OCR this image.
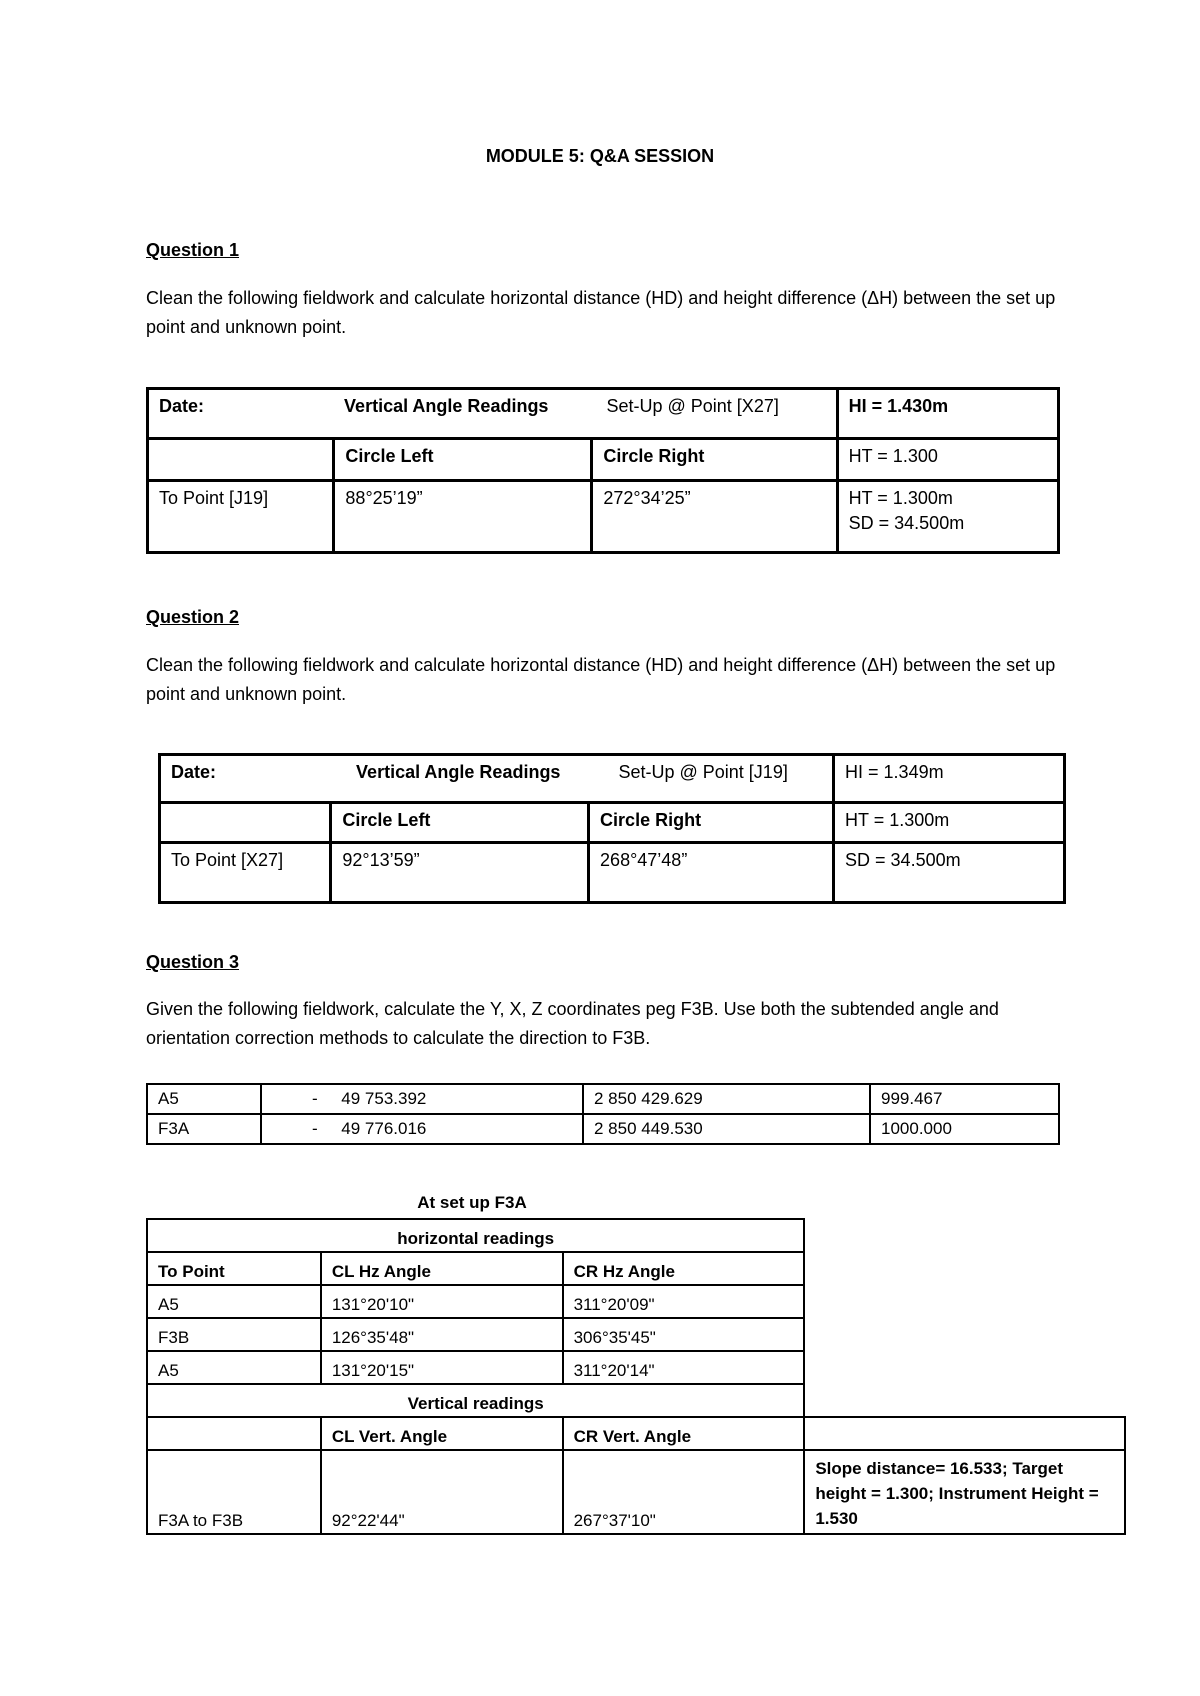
MODULE 5: Q&A SESSION
Question 1
Clean the following fieldwork and calculate horizontal distance (HD) and height difference (ΔH) between the set up point and unknown point.
Date: Vertical Angle Readings Set-Up @ Point [X27]			HI = 1.430m
	Circle Left	Circle Right	HT = 1.300
To Point [J19]	88°25’19”	272°34’25”	HT = 1.300m
SD = 34.500m
Question 2
Clean the following fieldwork and calculate horizontal distance (HD) and height difference (ΔH) between the set up point and unknown point.
Date: Vertical Angle Readings Set-Up @ Point [J19]			HI = 1.349m
	Circle Left	Circle Right	HT = 1.300m
To Point [X27]	92°13’59”	268°47’48”	SD = 34.500m
Question 3
Given the following fieldwork, calculate the Y, X, Z coordinates peg F3B. Use both the subtended angle and orientation correction methods to calculate the direction to F3B.
A5	-     49 753.392	2 850 429.629	999.467
F3A	-     49 776.016	2 850 449.530	1000.000
At set up F3A
horizontal readings			
To Point	CL Hz Angle	CR Hz Angle	
A5	131°20'10"	311°20'09"	
F3B	126°35'48"	306°35'45"	
A5	131°20'15"	311°20'14"	
Vertical readings			
	CL Vert. Angle	CR Vert. Angle	
F3A to F3B	92°22'44"	267°37'10"	Slope distance= 16.533; Target height = 1.300; Instrument Height = 1.530
